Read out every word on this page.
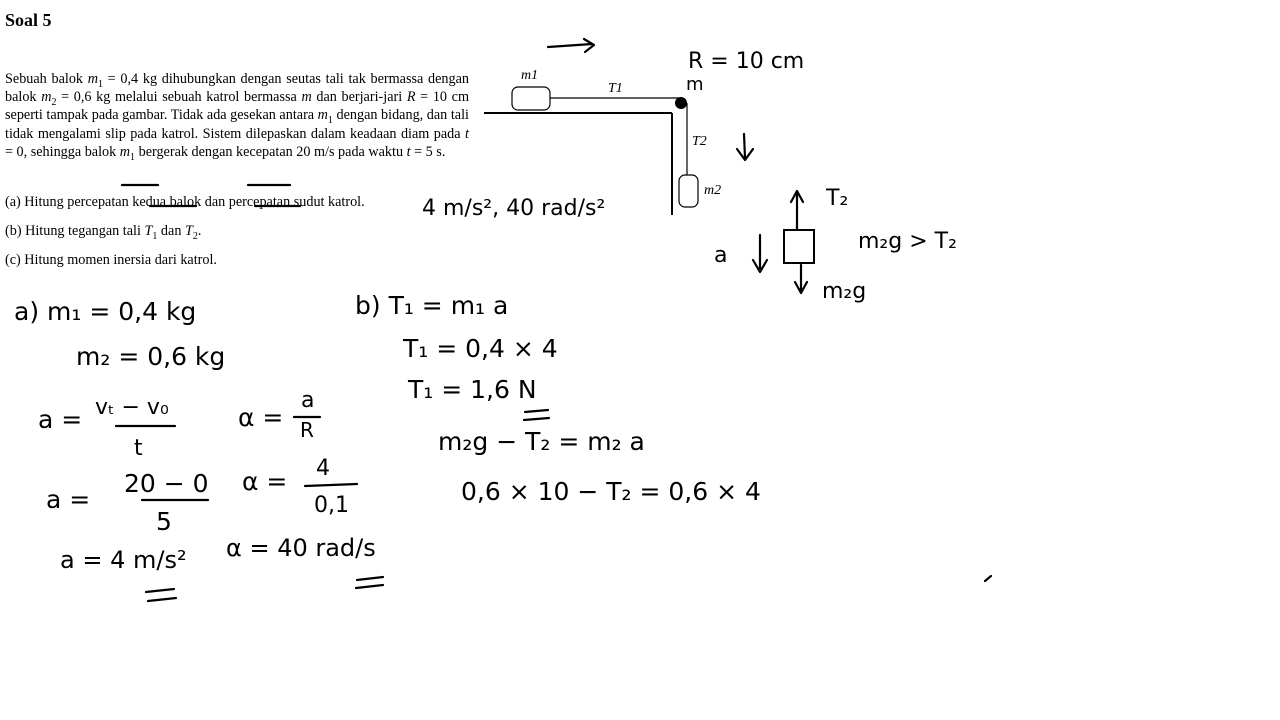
Soal 5

Sebuah balok $m_1 = 0,4$ kg dihubungkan dengan seutas tali tak bermassa dengan balok $m_2 = 0,6$ kg melalui sebuah katrol bermassa m dan berjari-jari R = 10 cm seperti tampak pada gambar. Tidak ada gesekan antara $m_1$ dengan bidang, dan tali tidak mengalami slip pada katrol. Sistem dilepaskan dalam keadaan diam pada t = 0, sehingga balok $m_1$ bergerak dengan kecepatan 20 m/s pada waktu t = 5 s.

(a) Hitung percepatan kedua balok dan percepatan sudut katrol.
(b) Hitung tegangan tali $T_1$ dan $T_2$.
(c) Hitung momen inersia dari katrol.
m1
T1
T2
m2
R = 10 cm
m
4 m/s², 40 rad/s²	T₂
a
m₂g
m₂g > T₂
a) m₁ = 0,4 kg
m₂ = 0,6 kg
a = vₜ − v₀
t
α =
a
R
a =
20 − 0
5
α = 4
0,1
a = 4 m/s² α = 40 rad/s
b) T₁ = m₁ a
T₁ = 0,4 × 4
T₁ = 1,6 N
m₂g − T₂ = m₂ a
0,6 × 10 − T₂ = 0,6 × 4
